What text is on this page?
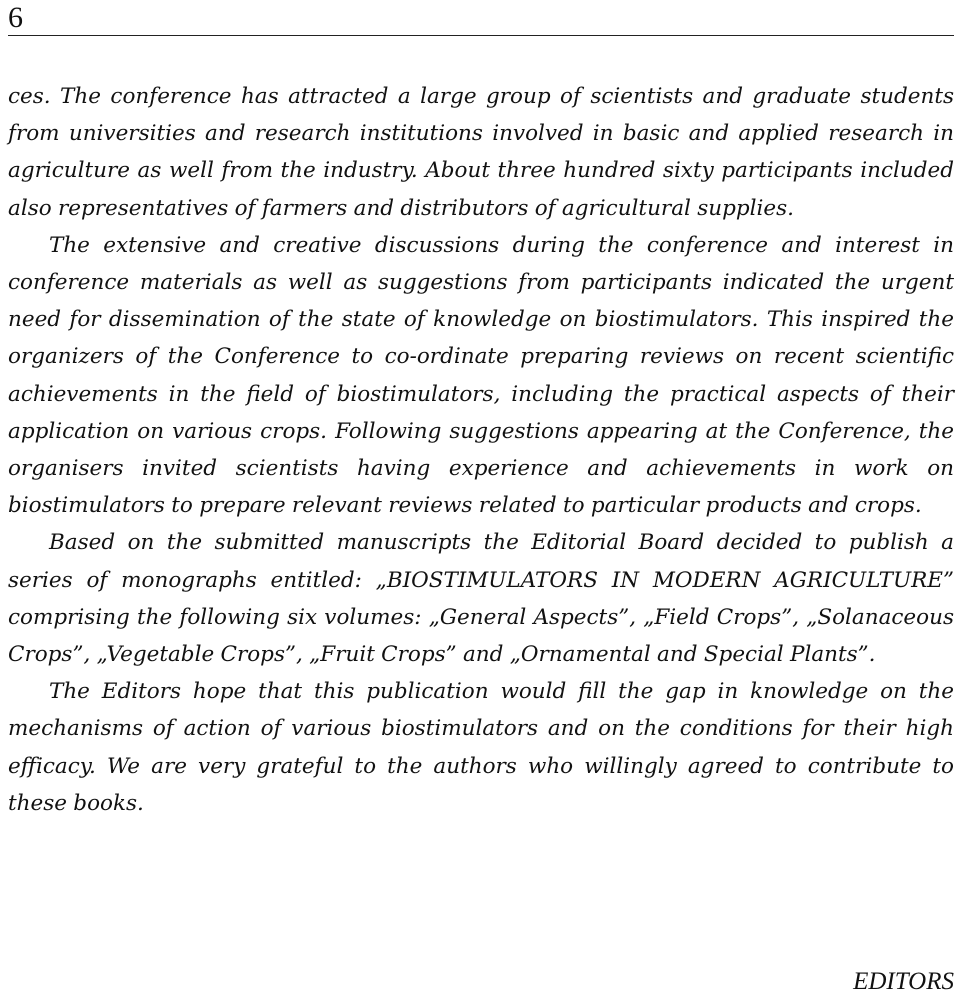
6

ces. The conference has attracted a large group of scientists and graduate students from universities and research institutions involved in basic and applied research in agriculture as well from the industry. About three hundred sixty participants included also representatives of farmers and distributors of agricultural supplies.

The extensive and creative discussions during the conference and interest in conference materials as well as suggestions from participants indicated the urgent need for dissemination of the state of knowledge on biostimulators. This inspired the organizers of the Conference to co-ordinate preparing reviews on recent scientific achievements in the field of biostimulators, including the practical aspects of their application on various crops. Following suggestions appearing at the Conference, the organisers invited scientists having experience and achievements in work on biostimulators to prepare relevant reviews related to particular products and crops.

Based on the submitted manuscripts the Editorial Board decided to publish a series of monographs entitled: „BIOSTIMULATORS IN MODERN AGRICULTURE” comprising the following six volumes: „General Aspects”, „Field Crops”, „Solanaceous Crops”, „Vegetable Crops”, „Fruit Crops” and „Ornamental and Special Plants”.

The Editors hope that this publication would fill the gap in knowledge on the mechanisms of action of various biostimulators and on the conditions for their high efficacy. We are very grateful to the authors who willingly agreed to contribute to these books.

EDITORS
